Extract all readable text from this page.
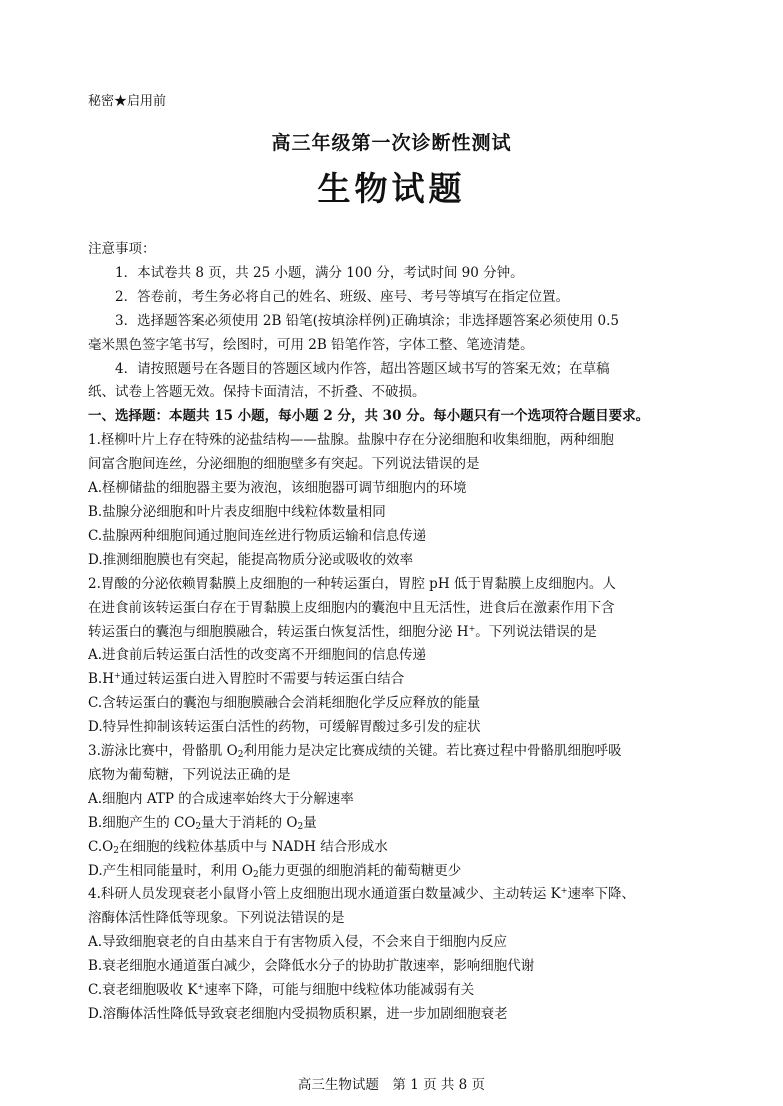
秘密★启用前
高三年级第一次诊断性测试
生物试题
注意事项：
1．本试卷共 8 页，共 25 小题，满分 100 分，考试时间 90 分钟。
2．答卷前，考生务必将自己的姓名、班级、座号、考号等填写在指定位置。
3．选择题答案必须使用 2B 铅笔(按填涂样例)正确填涂；非选择题答案必须使用 0.5
毫米黑色签字笔书写，绘图时，可用 2B 铅笔作答，字体工整、笔迹清楚。
4．请按照题号在各题目的答题区域内作答，超出答题区域书写的答案无效；在草稿
纸、试卷上答题无效。保持卡面清洁，不折叠、不破损。
一、选择题：本题共 15 小题，每小题 2 分，共 30 分。每小题只有一个选项符合题目要求。
1.柽柳叶片上存在特殊的泌盐结构——盐腺。盐腺中存在分泌细胞和收集细胞，两种细胞
间富含胞间连丝，分泌细胞的细胞壁多有突起。下列说法错误的是
A.柽柳储盐的细胞器主要为液泡，该细胞器可调节细胞内的环境
B.盐腺分泌细胞和叶片表皮细胞中线粒体数量相同
C.盐腺两种细胞间通过胞间连丝进行物质运输和信息传递
D.推测细胞膜也有突起，能提高物质分泌或吸收的效率
2.胃酸的分泌依赖胃黏膜上皮细胞的一种转运蛋白，胃腔 pH 低于胃黏膜上皮细胞内。人
在进食前该转运蛋白存在于胃黏膜上皮细胞内的囊泡中且无活性，进食后在激素作用下含
转运蛋白的囊泡与细胞膜融合，转运蛋白恢复活性，细胞分泌 H+。下列说法错误的是
A.进食前后转运蛋白活性的改变离不开细胞间的信息传递
B.H+通过转运蛋白进入胃腔时不需要与转运蛋白结合
C.含转运蛋白的囊泡与细胞膜融合会消耗细胞化学反应释放的能量
D.特异性抑制该转运蛋白活性的药物，可缓解胃酸过多引发的症状
3.游泳比赛中，骨骼肌 $O_2$利用能力是决定比赛成绩的关键。若比赛过程中骨骼肌细胞呼吸
底物为葡萄糖，下列说法正确的是
A.细胞内 ATP 的合成速率始终大于分解速率
B.细胞产生的 $CO_2$量大于消耗的 $O_2$量
$C.O_2$在细胞的线粒体基质中与 NADH 结合形成水
D.产生相同能量时，利用 $O_2$能力更强的细胞消耗的葡萄糖更少
4.科研人员发现衰老小鼠肾小管上皮细胞出现水通道蛋白数量减少、主动转运 K+速率下降、
溶酶体活性降低等现象。下列说法错误的是
A.导致细胞衰老的自由基来自于有害物质入侵，不会来自于细胞内反应
B.衰老细胞水通道蛋白减少，会降低水分子的协助扩散速率，影响细胞代谢
C.衰老细胞吸收 K+速率下降，可能与细胞中线粒体功能减弱有关
D.溶酶体活性降低导致衰老细胞内受损物质积累，进一步加剧细胞衰老
高三生物试题　第 1 页 共 8 页
